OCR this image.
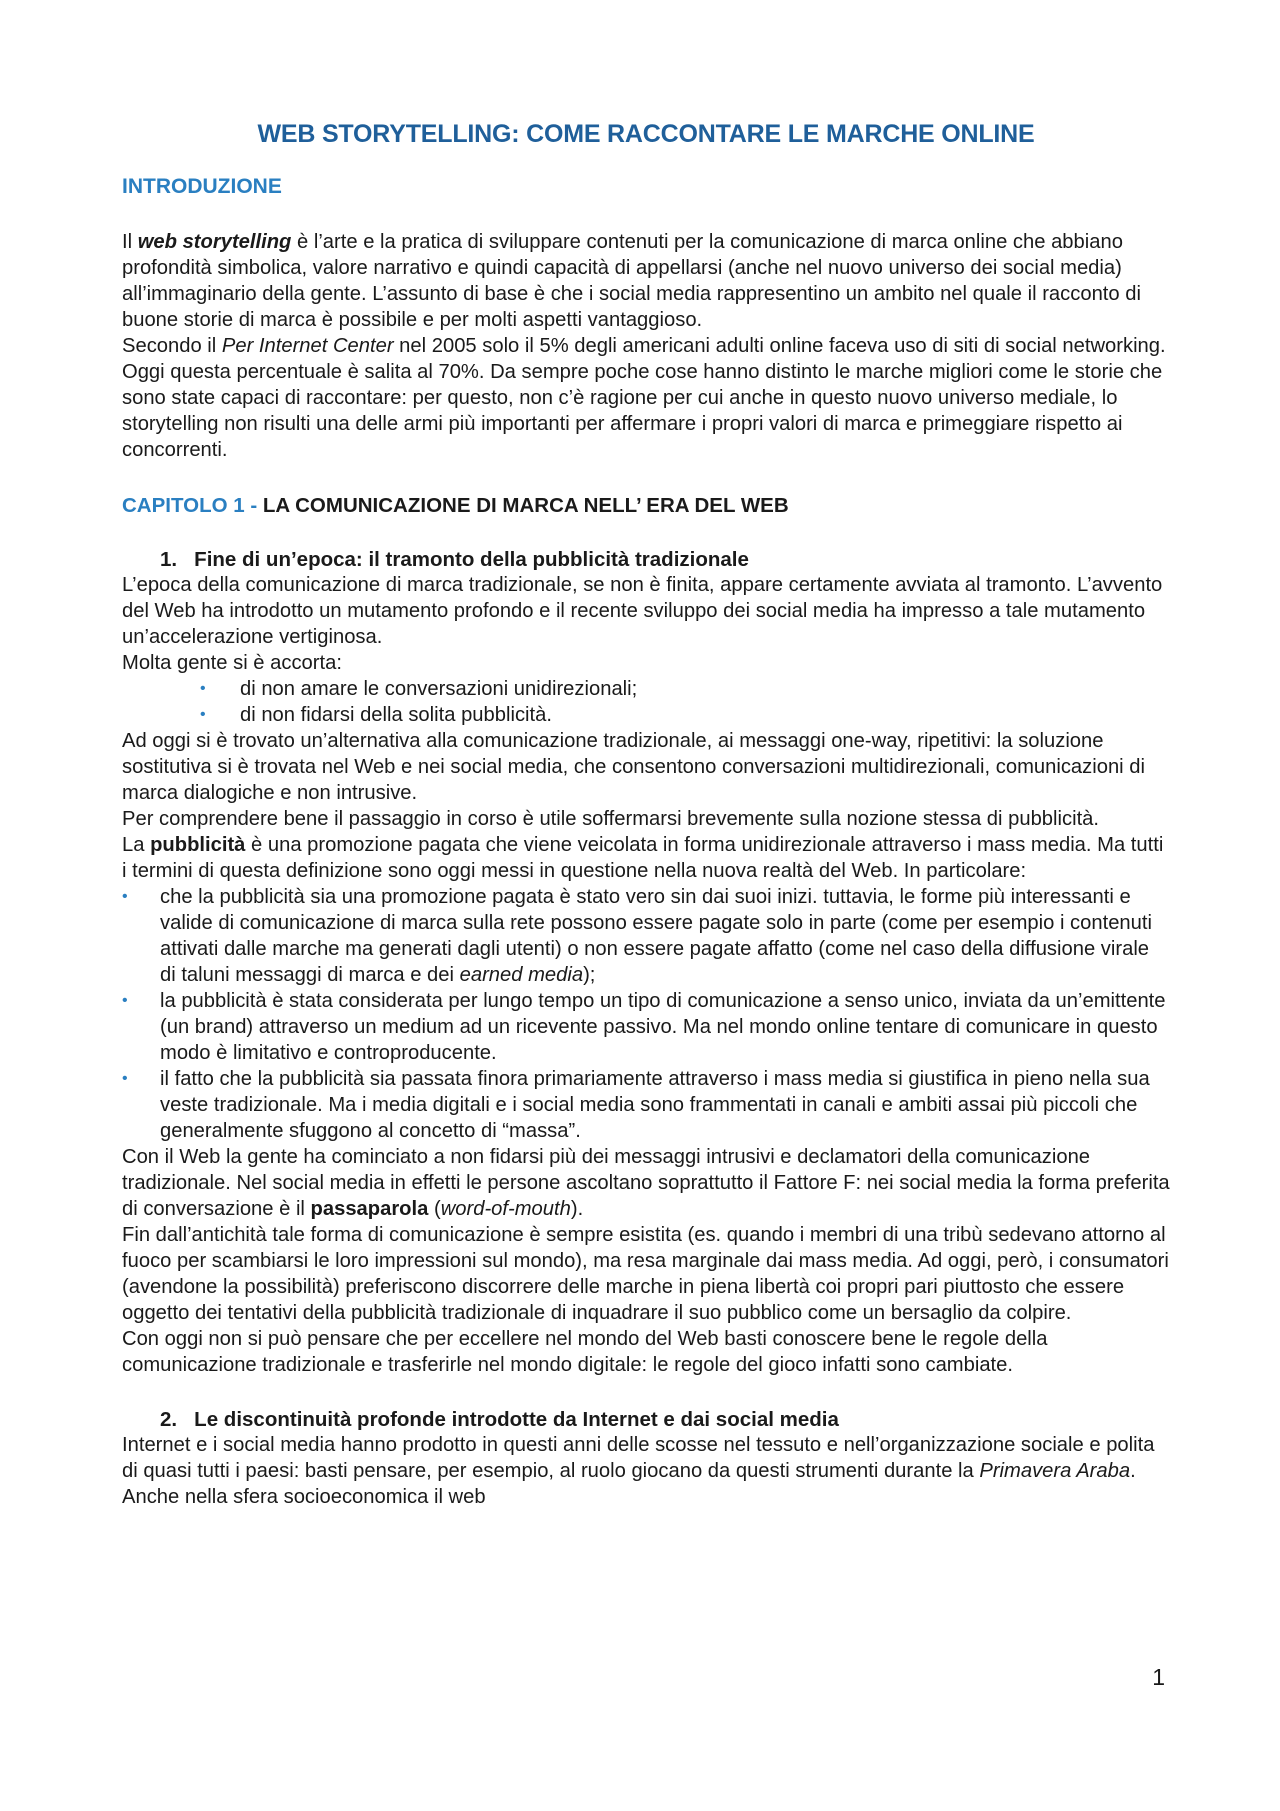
WEB STORYTELLING: COME RACCONTARE LE MARCHE ONLINE
INTRODUZIONE

Il web storytelling è l’arte e la pratica di sviluppare contenuti per la comunicazione di marca online che abbiano profondità simbolica, valore narrativo e quindi capacità di appellarsi (anche nel nuovo universo dei social media) all’immaginario della gente. L’assunto di base è che i social media rappresentino un ambito nel quale il racconto di buone storie di marca è possibile e per molti aspetti vantaggioso.

Secondo il Per Internet Center nel 2005 solo il 5% degli americani adulti online faceva uso di siti di social networking. Oggi questa percentuale è salita al 70%. Da sempre poche cose hanno distinto le marche migliori come le storie che sono state capaci di raccontare: per questo, non c’è ragione per cui anche in questo nuovo universo mediale, lo storytelling non risulti una delle armi più importanti per affermare i propri valori di marca e primeggiare rispetto ai concorrenti.

CAPITOLO 1 - LA COMUNICAZIONE DI MARCA NELL’ ERA DEL WEB
1.   Fine di un’epoca: il tramonto della pubblicità tradizionale

L’epoca della comunicazione di marca tradizionale, se non è finita, appare certamente avviata al tramonto. L’avvento del Web ha introdotto un mutamento profondo e il recente sviluppo dei social media ha impresso a tale mutamento un’accelerazione vertiginosa.

Molta gente si è accorta:

• di non amare le conversazioni unidirezionali;
• di non fidarsi della solita pubblicità.

Ad oggi si è trovato un’alternativa alla comunicazione tradizionale, ai messaggi one-way, ripetitivi: la soluzione sostitutiva si è trovata nel Web e nei social media, che consentono conversazioni multidirezionali, comunicazioni di marca dialogiche e non intrusive.

Per comprendere bene il passaggio in corso è utile soffermarsi brevemente sulla nozione stessa di pubblicità.

La pubblicità è una promozione pagata che viene veicolata in forma unidirezionale attraverso i mass media. Ma tutti i termini di questa definizione sono oggi messi in questione nella nuova realtà del Web. In particolare:

• che la pubblicità sia una promozione pagata è stato vero sin dai suoi inizi. tuttavia, le forme più interessanti e valide di comunicazione di marca sulla rete possono essere pagate solo in parte (come per esempio i contenuti attivati dalle marche ma generati dagli utenti) o non essere pagate affatto (come nel caso della diffusione virale di taluni messaggi di marca e dei earned media);
• la pubblicità è stata considerata per lungo tempo un tipo di comunicazione a senso unico, inviata da un’emittente (un brand) attraverso un medium ad un ricevente passivo. Ma nel mondo online tentare di comunicare in questo modo è limitativo e controproducente.
• il fatto che la pubblicità sia passata finora primariamente attraverso i mass media si giustifica in pieno nella sua veste tradizionale. Ma i media digitali e i social media sono frammentati in canali e ambiti assai più piccoli che generalmente sfuggono al concetto di “massa”.

Con il Web la gente ha cominciato a non fidarsi più dei messaggi intrusivi e declamatori della comunicazione tradizionale. Nel social media in effetti le persone ascoltano soprattutto il Fattore F: nei social media la forma preferita di conversazione è il passaparola (word-of-mouth).

Fin dall’antichità tale forma di comunicazione è sempre esistita (es. quando i membri di una tribù sedevano attorno al fuoco per scambiarsi le loro impressioni sul mondo), ma resa marginale dai mass media. Ad oggi, però, i consumatori (avendone la possibilità) preferiscono discorrere delle marche in piena libertà coi propri pari piuttosto che essere oggetto dei tentativi della pubblicità tradizionale di inquadrare il suo pubblico come un bersaglio da colpire.

Con oggi non si può pensare che per eccellere nel mondo del Web basti conoscere bene le regole della comunicazione tradizionale e trasferirle nel mondo digitale: le regole del gioco infatti sono cambiate.

2.   Le discontinuità profonde introdotte da Internet e dai social media

Internet e i social media hanno prodotto in questi anni delle scosse nel tessuto e nell’organizzazione sociale e polita di quasi tutti i paesi: basti pensare, per esempio, al ruolo giocano da questi strumenti durante la Primavera Araba. Anche nella sfera socioeconomica il web

1
